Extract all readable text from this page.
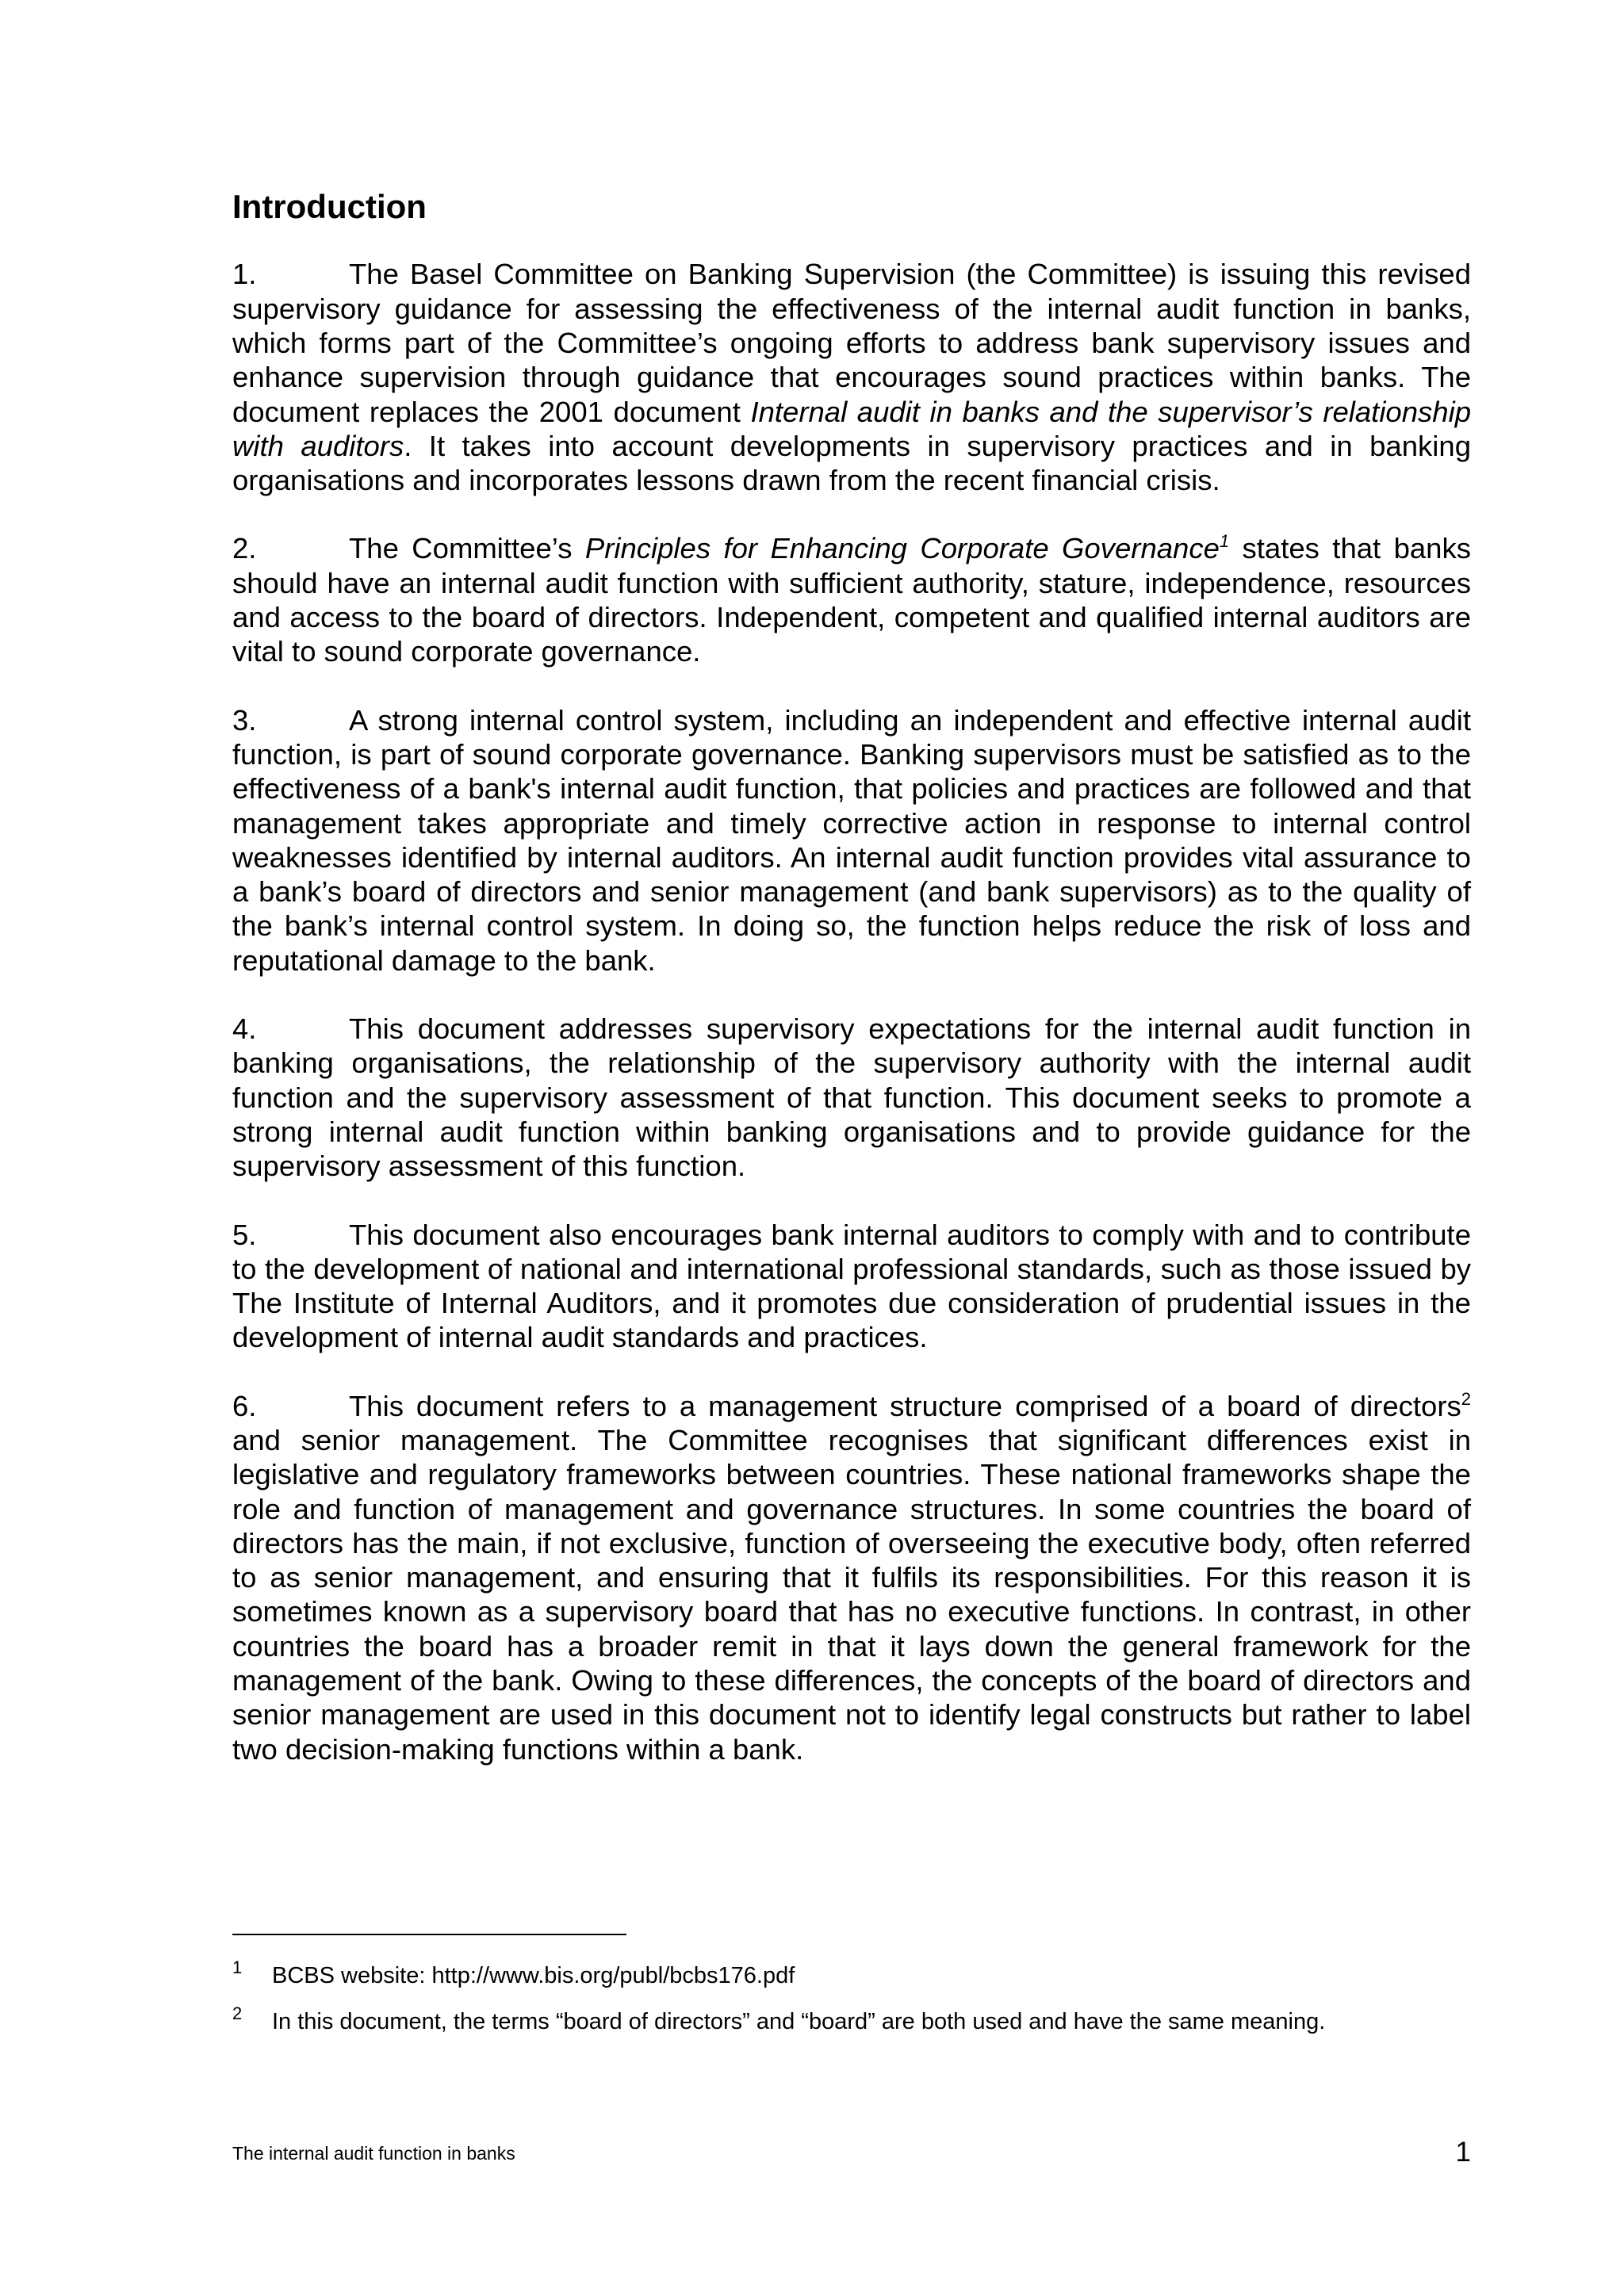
Introduction

1.	The Basel Committee on Banking Supervision (the Committee) is issuing this revised supervisory guidance for assessing the effectiveness of the internal audit function in banks, which forms part of the Committee’s ongoing efforts to address bank supervisory issues and enhance supervision through guidance that encourages sound practices within banks. The document replaces the 2001 document Internal audit in banks and the supervisor’s relationship with auditors. It takes into account developments in supervisory practices and in banking organisations and incorporates lessons drawn from the recent financial crisis.

2.	The Committee’s Principles for Enhancing Corporate Governance$^1$ states that banks should have an internal audit function with sufficient authority, stature, independence, resources and access to the board of directors. Independent, competent and qualified internal auditors are vital to sound corporate governance.

3.	A strong internal control system, including an independent and effective internal audit function, is part of sound corporate governance. Banking supervisors must be satisfied as to the effectiveness of a bank's internal audit function, that policies and practices are followed and that management takes appropriate and timely corrective action in response to internal control weaknesses identified by internal auditors. An internal audit function provides vital assurance to a bank’s board of directors and senior management (and bank supervisors) as to the quality of the bank’s internal control system. In doing so, the function helps reduce the risk of loss and reputational damage to the bank.

4.	This document addresses supervisory expectations for the internal audit function in banking organisations, the relationship of the supervisory authority with the internal audit function and the supervisory assessment of that function. This document seeks to promote a strong internal audit function within banking organisations and to provide guidance for the supervisory assessment of this function.

5.	This document also encourages bank internal auditors to comply with and to contribute to the development of national and international professional standards, such as those issued by The Institute of Internal Auditors, and it promotes due consideration of prudential issues in the development of internal audit standards and practices.

6.	This document refers to a management structure comprised of a board of directors$^2$ and senior management. The Committee recognises that significant differences exist in legislative and regulatory frameworks between countries. These national frameworks shape the role and function of management and governance structures. In some countries the board of directors has the main, if not exclusive, function of overseeing the executive body, often referred to as senior management, and ensuring that it fulfils its responsibilities. For this reason it is sometimes known as a supervisory board that has no executive functions. In contrast, in other countries the board has a broader remit in that it lays down the general framework for the management of the bank. Owing to these differences, the concepts of the board of directors and senior management are used in this document not to identify legal constructs but rather to label two decision-making functions within a bank.

1 BCBS website: http://www.bis.org/publ/bcbs176.pdf
2 In this document, the terms “board of directors” and “board” are both used and have the same meaning.
The internal audit function in banks	1
